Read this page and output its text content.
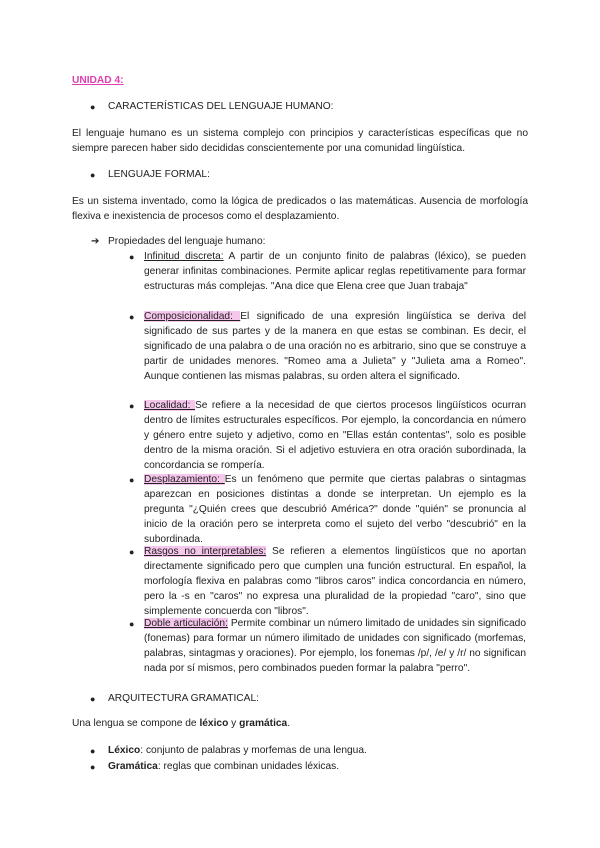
UNIDAD 4:
● CARACTERÍSTICAS DEL LENGUAJE HUMANO:
El lenguaje humano es un sistema complejo con principios y características específicas que no siempre parecen haber sido decididas conscientemente por una comunidad lingüística.
● LENGUAJE FORMAL:
Es un sistema inventado, como la lógica de predicados o las matemáticas. Ausencia de morfología flexiva e inexistencia de procesos como el desplazamiento.
➔ Propiedades del lenguaje humano:
● Infinitud discreta: A partir de un conjunto finito de palabras (léxico), se pueden generar infinitas combinaciones. Permite aplicar reglas repetitivamente para formar estructuras más complejas. "Ana dice que Elena cree que Juan trabaja"
● Composicionalidad: El significado de una expresión lingüística se deriva del significado de sus partes y de la manera en que estas se combinan. Es decir, el significado de una palabra o de una oración no es arbitrario, sino que se construye a partir de unidades menores. "Romeo ama a Julieta" y "Julieta ama a Romeo". Aunque contienen las mismas palabras, su orden altera el significado.
● Localidad: Se refiere a la necesidad de que ciertos procesos lingüísticos ocurran dentro de límites estructurales específicos. Por ejemplo, la concordancia en número y género entre sujeto y adjetivo, como en "Ellas están contentas", solo es posible dentro de la misma oración. Si el adjetivo estuviera en otra oración subordinada, la concordancia se rompería.
● Desplazamiento: Es un fenómeno que permite que ciertas palabras o sintagmas aparezcan en posiciones distintas a donde se interpretan. Un ejemplo es la pregunta "¿Quién crees que descubrió América?" donde "quién" se pronuncia al inicio de la oración pero se interpreta como el sujeto del verbo "descubrió" en la subordinada.
● Rasgos no interpretables: Se refieren a elementos lingüísticos que no aportan directamente significado pero que cumplen una función estructural. En español, la morfología flexiva en palabras como "libros caros" indica concordancia en número, pero la -s en "caros" no expresa una pluralidad de la propiedad "caro", sino que simplemente concuerda con "libros".
● Doble articulación: Permite combinar un número limitado de unidades sin significado (fonemas) para formar un número ilimitado de unidades con significado (morfemas, palabras, sintagmas y oraciones). Por ejemplo, los fonemas /p/, /e/ y /r/ no significan nada por sí mismos, pero combinados pueden formar la palabra "perro".
● ARQUITECTURA GRAMATICAL:
Una lengua se compone de léxico y gramática.
● Léxico: conjunto de palabras y morfemas de una lengua.
● Gramática: reglas que combinan unidades léxicas.
